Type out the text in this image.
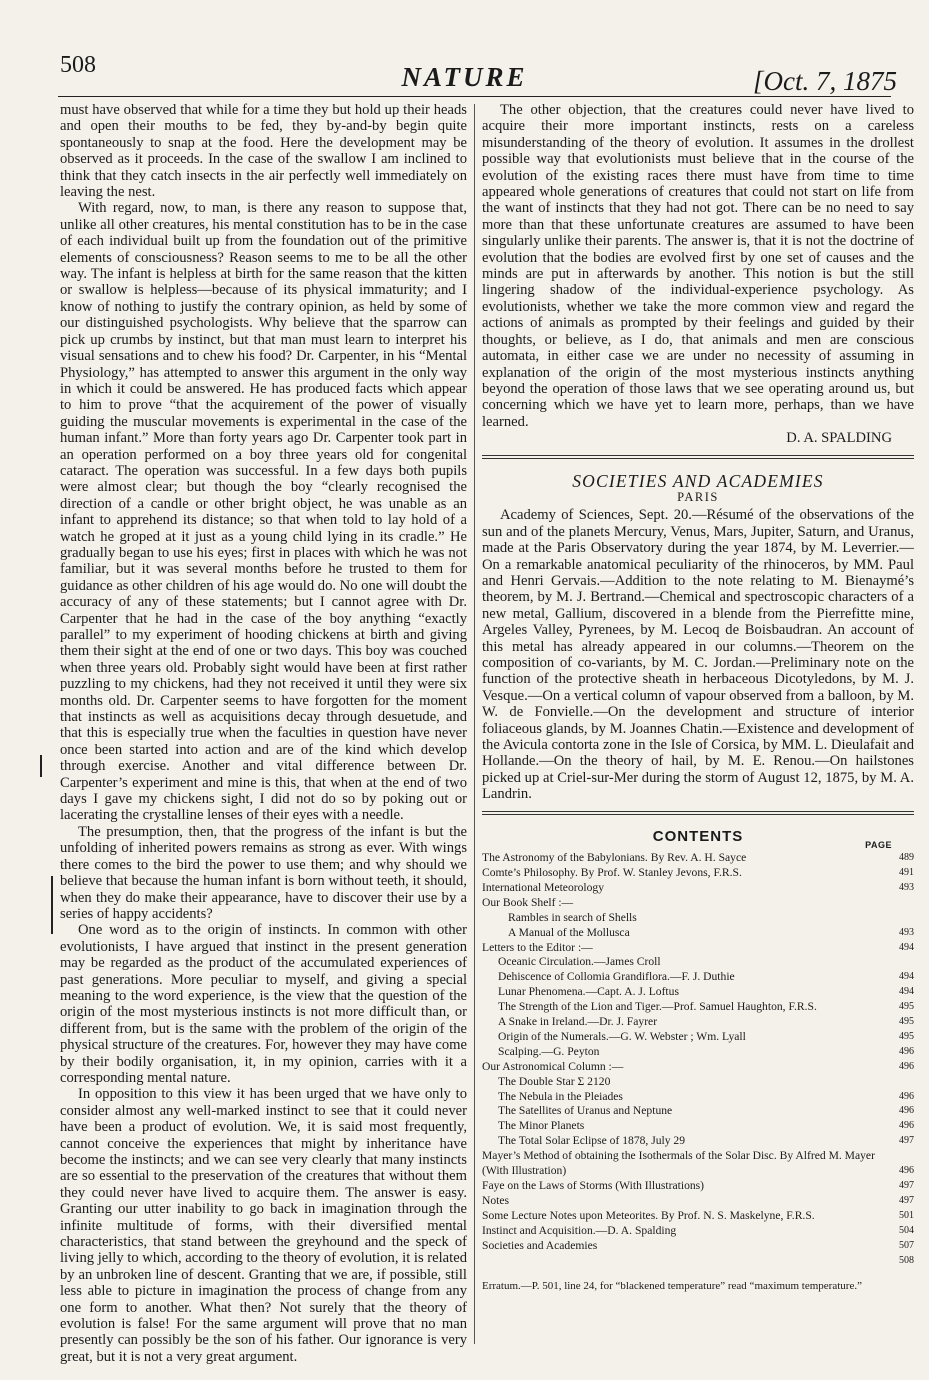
508	NATURE	[Oct. 7, 1875

must have observed that while for a time they but hold up their heads and open their mouths to be fed, they by-and-by begin quite spontaneously to snap at the food. Here the development may be observed as it proceeds. In the case of the swallow I am inclined to think that they catch insects in the air perfectly well immediately on leaving the nest.

With regard, now, to man, is there any reason to suppose that, unlike all other creatures, his mental constitution has to be in the case of each individual built up from the foundation out of the primitive elements of consciousness? Reason seems to me to be all the other way. The infant is helpless at birth for the same reason that the kitten or swallow is helpless—because of its physical immaturity; and I know of nothing to justify the contrary opinion, as held by some of our distinguished psychologists. Why believe that the sparrow can pick up crumbs by instinct, but that man must learn to interpret his visual sensations and to chew his food? Dr. Carpenter, in his “Mental Physiology,” has attempted to answer this argument in the only way in which it could be answered. He has produced facts which appear to him to prove “that the acquirement of the power of visually guiding the muscular movements is experimental in the case of the human infant.” More than forty years ago Dr. Carpenter took part in an operation performed on a boy three years old for congenital cataract. The operation was successful. In a few days both pupils were almost clear; but though the boy “clearly recognised the direction of a candle or other bright object, he was unable as an infant to apprehend its distance; so that when told to lay hold of a watch he groped at it just as a young child lying in its cradle.” He gradually began to use his eyes; first in places with which he was not familiar, but it was several months before he trusted to them for guidance as other children of his age would do. No one will doubt the accuracy of any of these statements; but I cannot agree with Dr. Carpenter that he had in the case of the boy anything “exactly parallel” to my experiment of hooding chickens at birth and giving them their sight at the end of one or two days. This boy was couched when three years old. Probably sight would have been at first rather puzzling to my chickens, had they not received it until they were six months old. Dr. Carpenter seems to have forgotten for the moment that instincts as well as acquisitions decay through desuetude, and that this is especially true when the faculties in question have never once been started into action and are of the kind which develop through exercise. Another and vital difference between Dr. Carpenter’s experiment and mine is this, that when at the end of two days I gave my chickens sight, I did not do so by poking out or lacerating the crystalline lenses of their eyes with a needle.

The presumption, then, that the progress of the infant is but the unfolding of inherited powers remains as strong as ever. With wings there comes to the bird the power to use them; and why should we believe that because the human infant is born without teeth, it should, when they do make their appearance, have to discover their use by a series of happy accidents?

One word as to the origin of instincts. In common with other evolutionists, I have argued that instinct in the present generation may be regarded as the product of the accumulated experiences of past generations. More peculiar to myself, and giving a special meaning to the word experience, is the view that the question of the origin of the most mysterious instincts is not more difficult than, or different from, but is the same with the problem of the origin of the physical structure of the creatures. For, however they may have come by their bodily organisation, it, in my opinion, carries with it a corresponding mental nature.

In opposition to this view it has been urged that we have only to consider almost any well-marked instinct to see that it could never have been a product of evolution. We, it is said most frequently, cannot conceive the experiences that might by inheritance have become the instincts; and we can see very clearly that many instincts are so essential to the preservation of the creatures that without them they could never have lived to acquire them. The answer is easy. Granting our utter inability to go back in imagination through the infinite multitude of forms, with their diversified mental characteristics, that stand between the greyhound and the speck of living jelly to which, according to the theory of evolution, it is related by an unbroken line of descent. Granting that we are, if possible, still less able to picture in imagination the process of change from any one form to another. What then? Not surely that the theory of evolution is false! For the same argument will prove that no man presently can possibly be the son of his father. Our ignorance is very great, but it is not a very great argument.

The other objection, that the creatures could never have lived to acquire their more important instincts, rests on a careless misunderstanding of the theory of evolution. It assumes in the drollest possible way that evolutionists must believe that in the course of the evolution of the existing races there must have from time to time appeared whole generations of creatures that could not start on life from the want of instincts that they had not got. There can be no need to say more than that these unfortunate creatures are assumed to have been singularly unlike their parents. The answer is, that it is not the doctrine of evolution that the bodies are evolved first by one set of causes and the minds are put in afterwards by another. This notion is but the still lingering shadow of the individual-experience psychology. As evolutionists, whether we take the more common view and regard the actions of animals as prompted by their feelings and guided by their thoughts, or believe, as I do, that animals and men are conscious automata, in either case we are under no necessity of assuming in explanation of the origin of the most mysterious instincts anything beyond the operation of those laws that we see operating around us, but concerning which we have yet to learn more, perhaps, than we have learned.

D. A. SPALDING

SOCIETIES AND ACADEMIES
PARIS

Academy of Sciences, Sept. 20.—Résumé of the observations of the sun and of the planets Mercury, Venus, Mars, Jupiter, Saturn, and Uranus, made at the Paris Observatory during the year 1874, by M. Leverrier.—On a remarkable anatomical peculiarity of the rhinoceros, by MM. Paul and Henri Gervais.—Addition to the note relating to M. Bienaymé’s theorem, by M. J. Bertrand.—Chemical and spectroscopic characters of a new metal, Gallium, discovered in a blende from the Pierrefitte mine, Argeles Valley, Pyrenees, by M. Lecoq de Boisbaudran. An account of this metal has already appeared in our columns.—Theorem on the composition of co-variants, by M. C. Jordan.—Preliminary note on the function of the protective sheath in herbaceous Dicotyledons, by M. J. Vesque.—On a vertical column of vapour observed from a balloon, by M. W. de Fonvielle.—On the development and structure of interior foliaceous glands, by M. Joannes Chatin.—Existence and development of the Avicula contorta zone in the Isle of Corsica, by MM. L. Dieulafait and Hollande.—On the theory of hail, by M. E. Renou.—On hailstones picked up at Criel-sur-Mer during the storm of August 12, 1875, by M. A. Landrin.

CONTENTS	PAGE
The Astronomy of the Babylonians. By Rev. A. H. Sayce	489
Comte’s Philosophy. By Prof. W. Stanley Jevons, F.R.S.	491
International Meteorology	493
Our Book Shelf :—
Rambles in search of Shells
A Manual of the Mollusca	493
Letters to the Editor :—	494
Oceanic Circulation.—James Croll
Dehiscence of Collomia Grandiflora.—F. J. Duthie	494
Lunar Phenomena.—Capt. A. J. Loftus	494
The Strength of the Lion and Tiger.—Prof. Samuel Haughton, F.R.S.	495
A Snake in Ireland.—Dr. J. Fayrer	495
Origin of the Numerals.—G. W. Webster ; Wm. Lyall	495
Scalping.—G. Peyton	496
Our Astronomical Column :—	496
The Double Star Σ 2120
The Nebula in the Pleiades	496
The Satellites of Uranus and Neptune	496
The Minor Planets	496
The Total Solar Eclipse of 1878, July 29	497
Mayer’s Method of obtaining the Isothermals of the Solar Disc. By Alfred M. Mayer (With Illustration)	496
Faye on the Laws of Storms (With Illustrations)	497
Notes	497
Some Lecture Notes upon Meteorites. By Prof. N. S. Maskelyne, F.R.S.	501
Instinct and Acquisition.—D. A. Spalding	504
Societies and Academies	507
508
Erratum.—P. 501, line 24, for “blackened temperature” read “maximum temperature.”
